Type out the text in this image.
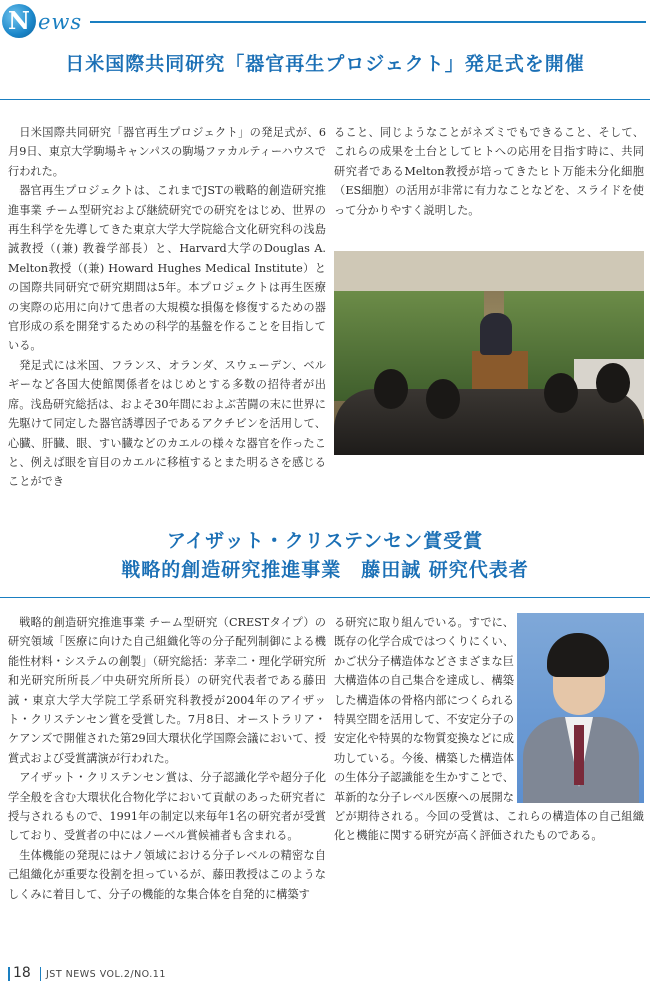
N ews
日米国際共同研究「器官再生プロジェクト」発足式を開催

日米国際共同研究「器官再生プロジェクト」の発足式が、6月9日、東京大学駒場キャンパスの駒場ファカルティーハウスで行われた。

器官再生プロジェクトは、これまでJSTの戦略的創造研究推進事業 チーム型研究および継続研究での研究をはじめ、世界の再生科学を先導してきた東京大学大学院総合文化研究科の浅島誠教授（(兼) 教養学部長）と、Harvard大学のDouglas A. Melton教授（(兼) Howard Hughes Medical Institute）との国際共同研究で研究期間は5年。本プロジェクトは再生医療の実際の応用に向けて患者の大規模な損傷を修復するための器官形成の系を開発するための科学的基盤を作ることを目指している。

発足式には米国、フランス、オランダ、スウェーデン、ベルギーなど各国大使館関係者をはじめとする多数の招待者が出席。浅島研究総括は、およそ30年間におよぶ苦闘の末に世界に先駆けて同定した器官誘導因子であるアクチビンを活用して、心臓、肝臓、眼、すい臓などのカエルの様々な器官を作ったこと、例えば眼を盲目のカエルに移植するとまた明るさを感じることができ

ること、同じようなことがネズミでもできること、そして、これらの成果を土台としてヒトへの応用を目指す時に、共同研究者であるMelton教授が培ってきたヒト万能未分化細胞（ES細胞）の活用が非常に有力なことなどを、スライドを使って分かりやすく説明した。

アイザット・クリステンセン賞受賞
戦略的創造研究推進事業　藤田誠 研究代表者

戦略的創造研究推進事業 チーム型研究（CRESTタイプ）の研究領域「医療に向けた自己組織化等の分子配列制御による機能性材料・システムの創製」（研究総括：茅幸二・理化学研究所 和光研究所所長／中央研究所所長）の研究代表者である藤田誠・東京大学大学院工学系研究科教授が2004年のアイザット・クリステンセン賞を受賞した。7月8日、オーストラリア・ケアンズで開催された第29回大環状化学国際会議において、授賞式および受賞講演が行われた。

アイザット・クリステンセン賞は、分子認識化学や超分子化学全般を含む大環状化合物化学において貢献のあった研究者に授与されるもので、1991年の制定以来毎年1名の研究者が受賞しており、受賞者の中にはノーベル賞候補者も含まれる。

生体機能の発現にはナノ領域における分子レベルの精密な自己組織化が重要な役割を担っているが、藤田教授はこのようなしくみに着目して、分子の機能的な集合体を自発的に構築す

る研究に取り組んでいる。すでに、既存の化学合成ではつくりにくい、かご状分子構造体などさまざまな巨大構造体の自己集合を達成し、構築した構造体の骨格内部につくられる特異空間を活用して、不安定分子の安定化や特異的な物質変換などに成功している。今後、構築した構造体の生体分子認識能を生かすことで、革新的な分子レベル医療への展開などが期待される。今回の受賞は、これらの構造体の自己組織化と機能に関する研究が高く評価されたものである。

18 JST NEWS VOL.2/NO.11
